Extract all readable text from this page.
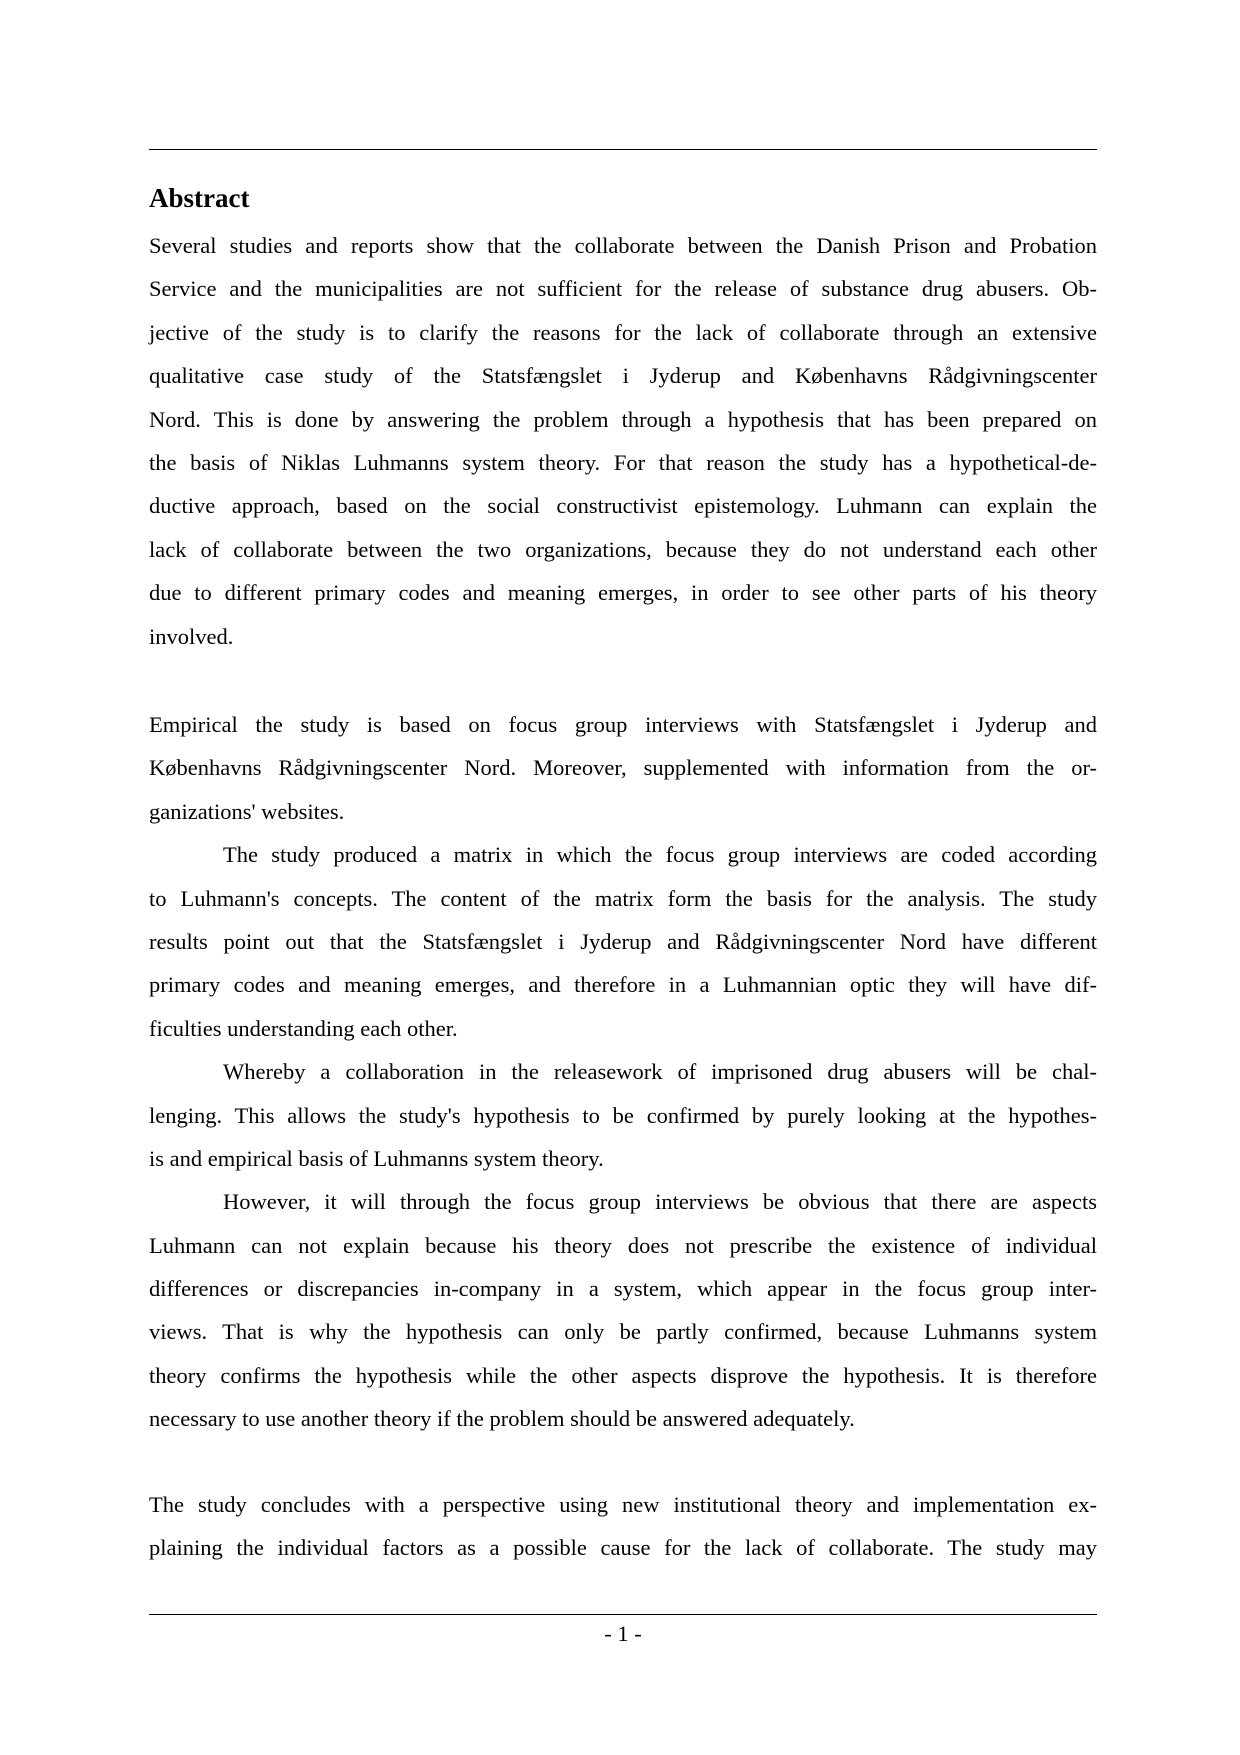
Abstract
Several studies and reports show that the collaborate between the Danish Prison and Probation
Service and the municipalities are not sufficient for the release of substance drug abusers. Ob-
jective of the study is to clarify the reasons for the lack of collaborate through an extensive
qualitative case study of the Statsfængslet i Jyderup and Københavns Rådgivningscenter
Nord. This is done by answering the problem through a hypothesis that has been prepared on
the basis of Niklas Luhmanns system theory. For that reason the study has a hypothetical-de-
ductive approach, based on the social constructivist epistemology. Luhmann can explain the
lack of collaborate between the two organizations, because they do not understand each other
due to different primary codes and meaning emerges, in order to see other parts of his theory
involved.
Empirical the study is based on focus group interviews with Statsfængslet i Jyderup and
Københavns Rådgivningscenter Nord. Moreover, supplemented with information from the or-
ganizations' websites.
The study produced a matrix in which the focus group interviews are coded according
to Luhmann's concepts. The content of the matrix form the basis for the analysis. The study
results point out that the Statsfængslet i Jyderup and Rådgivningscenter Nord have different
primary codes and meaning emerges, and therefore in a Luhmannian optic they will have dif-
ficulties understanding each other.
Whereby a collaboration in the releasework of imprisoned drug abusers will be chal-
lenging. This allows the study's hypothesis to be confirmed by purely looking at the hypothes-
is and empirical basis of Luhmanns system theory.
However, it will through the focus group interviews be obvious that there are aspects
Luhmann can not explain because his theory does not prescribe the existence of individual
differences or discrepancies in-company in a system, which appear in the focus group inter-
views. That is why the hypothesis can only be partly confirmed, because Luhmanns system
theory confirms the hypothesis while the other aspects disprove the hypothesis. It is therefore
necessary to use another theory if the problem should be answered adequately.
The study concludes with a perspective using new institutional theory and implementation ex-
plaining the individual factors as a possible cause for the lack of collaborate. The study may
- 1 -
